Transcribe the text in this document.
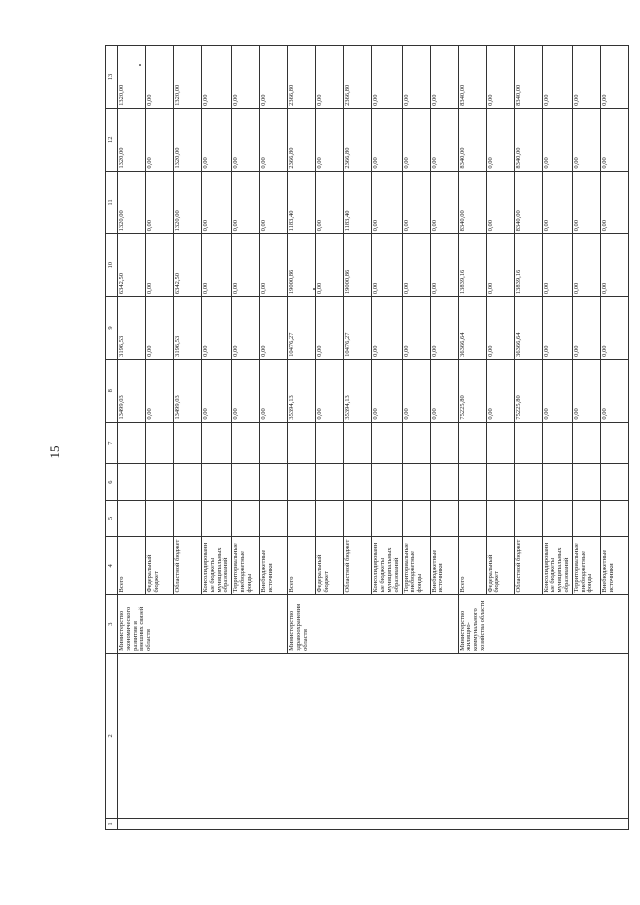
15
1	2	3	4	5	6	7	8	9	10	11	12	13
		Министерство экономического развития и внешних связей области	Всего				13499,03	3196,53	6342,50	1320,00	1320,00	1320,00
			Федеральный бюджет				0,00	0,00	0,00	0,00	0,00	0,00
			Областной бюджет				13499,03	3196,53	6342,50	1320,00	1320,00	1320,00
			Консолидированные бюджеты муниципальных образований				0,00	0,00	0,00	0,00	0,00	0,00
			Территориальные внебюджетные фонды				0,00	0,00	0,00	0,00	0,00	0,00
			Внебюджетные источники				0,00	0,00	0,00	0,00	0,00	0,00
		Министерство здравоохранения области	Всего				35394,13	10476,27	19000,86	1183,40	2366,80	2366,80
			Федеральный бюджет				0,00	0,00	0,00	0,00	0,00	0,00
			Областной бюджет				35394,13	10476,27	19000,86	1183,40	2366,80	2366,80
			Консолидированные бюджеты муниципальных образований				0,00	0,00	0,00	0,00	0,00	0,00
			Территориальные внебюджетные фонды				0,00	0,00	0,00	0,00	0,00	0,00
			Внебюджетные источники				0,00	0,00	0,00	0,00	0,00	0,00
		Министерство жилищно-коммунального хозяйства области	Всего				75225,80	36366,64	13839,16	8340,00	8340,00	8340,00
			Федеральный бюджет				0,00	0,00	0,00	0,00	0,00	0,00
			Областной бюджет				75225,80	36366,64	13839,16	8340,00	8340,00	8340,00
			Консолидированные бюджеты муниципальных образований				0,00	0,00	0,00	0,00	0,00	0,00
			Территориальные внебюджетные фонды				0,00	0,00	0,00	0,00	0,00	0,00
			Внебюджетные источники				0,00	0,00	0,00	0,00	0,00	0,00
